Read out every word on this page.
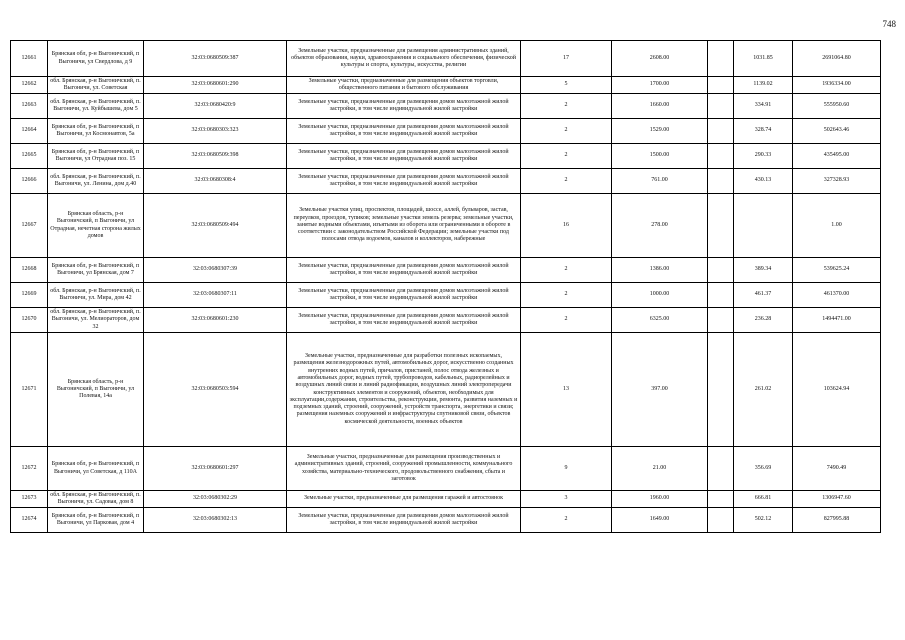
748
12661	Брянская обл, р-н Выгоничский, п Выгоничи, ул Свердлова, д 9	32:03:0680509:387	Земельные участки, предназначенные для размещения административных зданий, объектов образования, науки, здравоохранения и социального обеспечения, физической культуры и спорта, культуры, искусства, религии	17	2608.00		1031.85	2691064.80
12662	обл. Брянская, р-н Выгоничский, п. Выгоничи, ул. Советская	32:03:0680601:290	Земельные участки, предназначенные для размещения объектов торговли, общественного питания и бытового обслуживания	5	1700.00		1139.02	1936334.00
12663	обл. Брянская, р-н Выгоничский, п. Выгоничи, ул. Куйбышева, дом 5	32:03:0680420:9	Земельные участки, предназначенные для размещения домов малоэтажной жилой застройки, в том числе индивидуальной жилой застройки	2	1660.00		334.91	555950.60
12664	Брянская обл, р-н Выгоничский, п Выгоничи, ул Космонавтов, 5а	32:03:0680303:323	Земельные участки, предназначенные для размещения домов малоэтажной жилой застройки, в том числе индивидуальной жилой застройки	2	1529.00		328.74	502643.46
12665	Брянская обл, р-н Выгоничский, п Выгоничи, ул Отрадная поз. 15	32:03:0680509:398	Земельные участки, предназначенные для размещения домов малоэтажной жилой застройки, в том числе индивидуальной жилой застройки	2	1500.00		290.33	435495.00
12666	обл. Брянская, р-н Выгоничский, п. Выгоничи, ул. Ленина, дом д.40	32:03:0680308:4	Земельные участки, предназначенные для размещения домов малоэтажной жилой застройки, в том числе индивидуальной жилой застройки	2	761.00		430.13	327328.93
12667	Брянская область, р-н Выгоничский, п Выгоничи, ул Отрадная, нечетная сторона жилых домов	32:03:0680509:494	Земельные участки улиц, проспектов, площадей, шоссе, аллей, бульваров, застав, переулков, проездов, тупиков; земельные участки земель резерва; земельные участки, занятые водными объектами, изъятыми из оборота или ограниченными в обороте в соответствии с законодательством Российской Федерации; земельные участки под полосами отвода водоемов, каналов и коллекторов, набережные	16	278.00			1.00
12668	Брянская обл, р-н Выгоничский, п Выгоничи, ул Брянская, дом 7	32:03:0680307:39	Земельные участки, предназначенные для размещения домов малоэтажной жилой застройки, в том числе индивидуальной жилой застройки	2	1386.00		389.34	539625.24
12669	обл. Брянская, р-н Выгоничский, п. Выгоничи, ул. Мира, дом 42	32:03:0680307:11	Земельные участки, предназначенные для размещения домов малоэтажной жилой застройки, в том числе индивидуальной жилой застройки	2	1000.00		461.37	461370.00
12670	обл. Брянская, р-н Выгоничский, п. Выгоничи, ул. Мелиораторов, дом 32	32:03:0680601:230	Земельные участки, предназначенные для размещения домов малоэтажной жилой застройки, в том числе индивидуальной жилой застройки	2	6325.00		236.28	1494471.00
12671	Брянская область, р-н Выгоничский, п Выгоничи, ул Полевая, 14а	32:03:0680503:594	Земельные участки, предназначенные для разработки полезных ископаемых, размещения железнодорожных путей, автомобильных дорог, искусственно созданных внутренних водных путей, причалов, пристаней, полос отвода железных и автомобильных дорог, водных путей, трубопроводов, кабельных, радиорелейных и воздушных линий связи и линий радиофикации, воздушных линий электропередачи конструктивных элементов и сооружений, объектов, необходимых для эксплуатации,содержания, строительства, реконструкции, ремонта, развития наземных и подземных зданий, строений, сооружений, устройств транспорта, энергетики и связи; размещения наземных сооружений и инфраструктуры спутниковой связи, объектов космической деятельности, военных объектов	13	397.00		261.02	103624.94
12672	Брянская обл, р-н Выгоничский, п Выгоничи, ул Советская, д 110А	32:03:0680601:297	Земельные участки, предназначенные для размещения производственных и административных зданий, строений, сооружений промышленности, коммунального хозяйства, материально-технического, продовольственного снабжения, сбыта и заготовок	9	21.00		356.69	7490.49
12673	обл. Брянская, р-н Выгоничский, п. Выгоничи, ул. Садовая, дом 8	32:03:0680302:29	Земельные участки, предназначенные для размещения гаражей и автостоянок	3	1960.00		666.81	1306947.60
12674	Брянская обл, р-н Выгоничский, п Выгоничи, ул Парковая, дом 4	32:03:0680302:13	Земельные участки, предназначенные для размещения домов малоэтажной жилой застройки, в том числе индивидуальной жилой застройки	2	1649.00		502.12	827995.88
